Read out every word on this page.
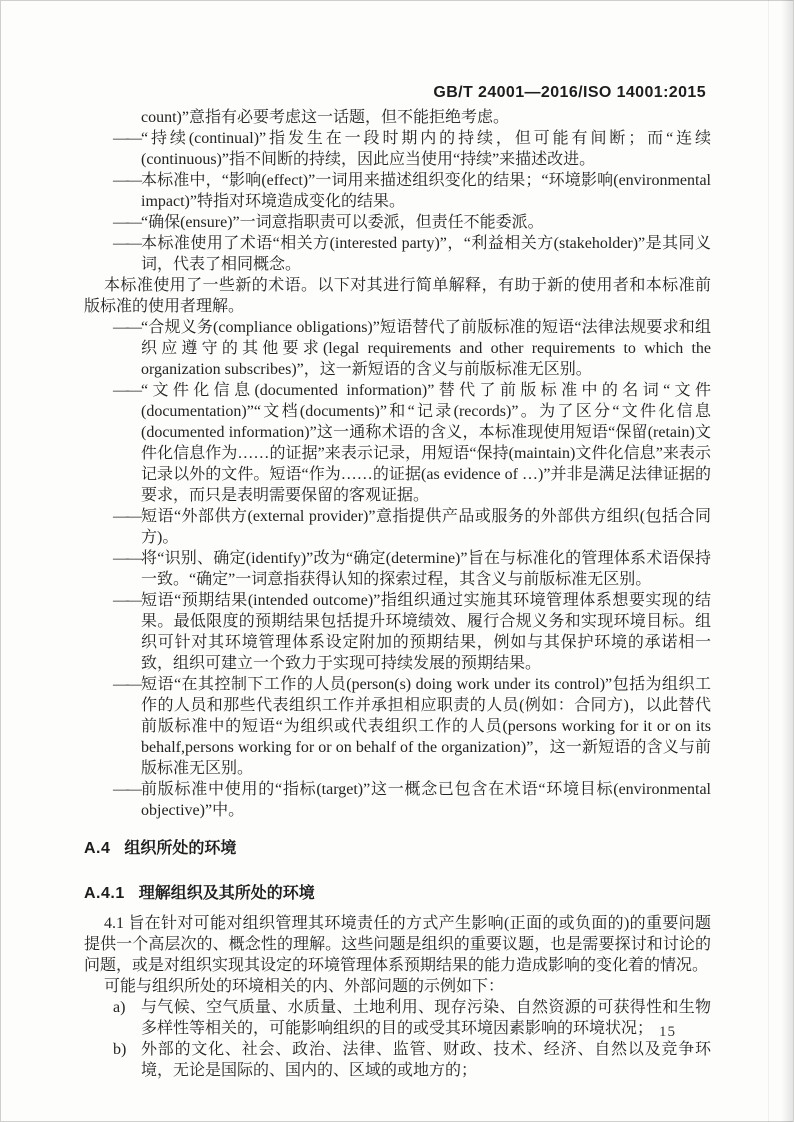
GB/T 24001—2016/ISO 14001:2015
count)”意指有必要考虑这一话题，但不能拒绝考虑。
—— “持续(continual)”指发生在一段时期内的持续，但可能有间断；而“连续(continuous)”指不间断的持续，因此应当使用“持续”来描述改进。
—— 本标准中，“影响(effect)”一词用来描述组织变化的结果；“环境影响(environmental impact)”特指对环境造成变化的结果。
—— “确保(ensure)”一词意指职责可以委派，但责任不能委派。
—— 本标准使用了术语“相关方(interested party)”，“利益相关方(stakeholder)”是其同义词，代表了相同概念。
本标准使用了一些新的术语。以下对其进行简单解释，有助于新的使用者和本标准前版标准的使用者理解。
—— “合规义务(compliance obligations)”短语替代了前版标准的短语“法律法规要求和组织应遵守的其他要求(legal requirements and other requirements to which the organization subscribes)”，这一新短语的含义与前版标准无区别。
—— “文件化信息(documented information)”替代了前版标准中的名词“文件(documentation)”“文档(documents)”和“记录(records)”。为了区分“文件化信息(documented information)”这一通称术语的含义，本标准现使用短语“保留(retain)文件化信息作为……的证据”来表示记录，用短语“保持(maintain)文件化信息”来表示记录以外的文件。短语“作为……的证据(as evidence of …)”并非是满足法律证据的要求，而只是表明需要保留的客观证据。
—— 短语“外部供方(external provider)”意指提供产品或服务的外部供方组织(包括合同方)。
—— 将“识别、确定(identify)”改为“确定(determine)”旨在与标准化的管理体系术语保持一致。“确定”一词意指获得认知的探索过程，其含义与前版标准无区别。
—— 短语“预期结果(intended outcome)”指组织通过实施其环境管理体系想要实现的结果。最低限度的预期结果包括提升环境绩效、履行合规义务和实现环境目标。组织可针对其环境管理体系设定附加的预期结果，例如与其保护环境的承诺相一致，组织可建立一个致力于实现可持续发展的预期结果。
—— 短语“在其控制下工作的人员(person(s) doing work under its control)”包括为组织工作的人员和那些代表组织工作并承担相应职责的人员(例如：合同方)，以此替代前版标准中的短语“为组织或代表组织工作的人员(persons working for it or on its behalf,persons working for or on behalf of the organization)”，这一新短语的含义与前版标准无区别。
—— 前版标准中使用的“指标(target)”这一概念已包含在术语“环境目标(environmental objective)”中。
A.4 组织所处的环境
A.4.1 理解组织及其所处的环境
4.1 旨在针对可能对组织管理其环境责任的方式产生影响(正面的或负面的)的重要问题提供一个高层次的、概念性的理解。这些问题是组织的重要议题，也是需要探讨和讨论的问题，或是对组织实现其设定的环境管理体系预期结果的能力造成影响的变化着的情况。
可能与组织所处的环境相关的内、外部问题的示例如下：
a) 与气候、空气质量、水质量、土地利用、现存污染、自然资源的可获得性和生物多样性等相关的，可能影响组织的目的或受其环境因素影响的环境状况；
b) 外部的文化、社会、政治、法律、监管、财政、技术、经济、自然以及竞争环境，无论是国际的、国内的、区域的或地方的；
15
